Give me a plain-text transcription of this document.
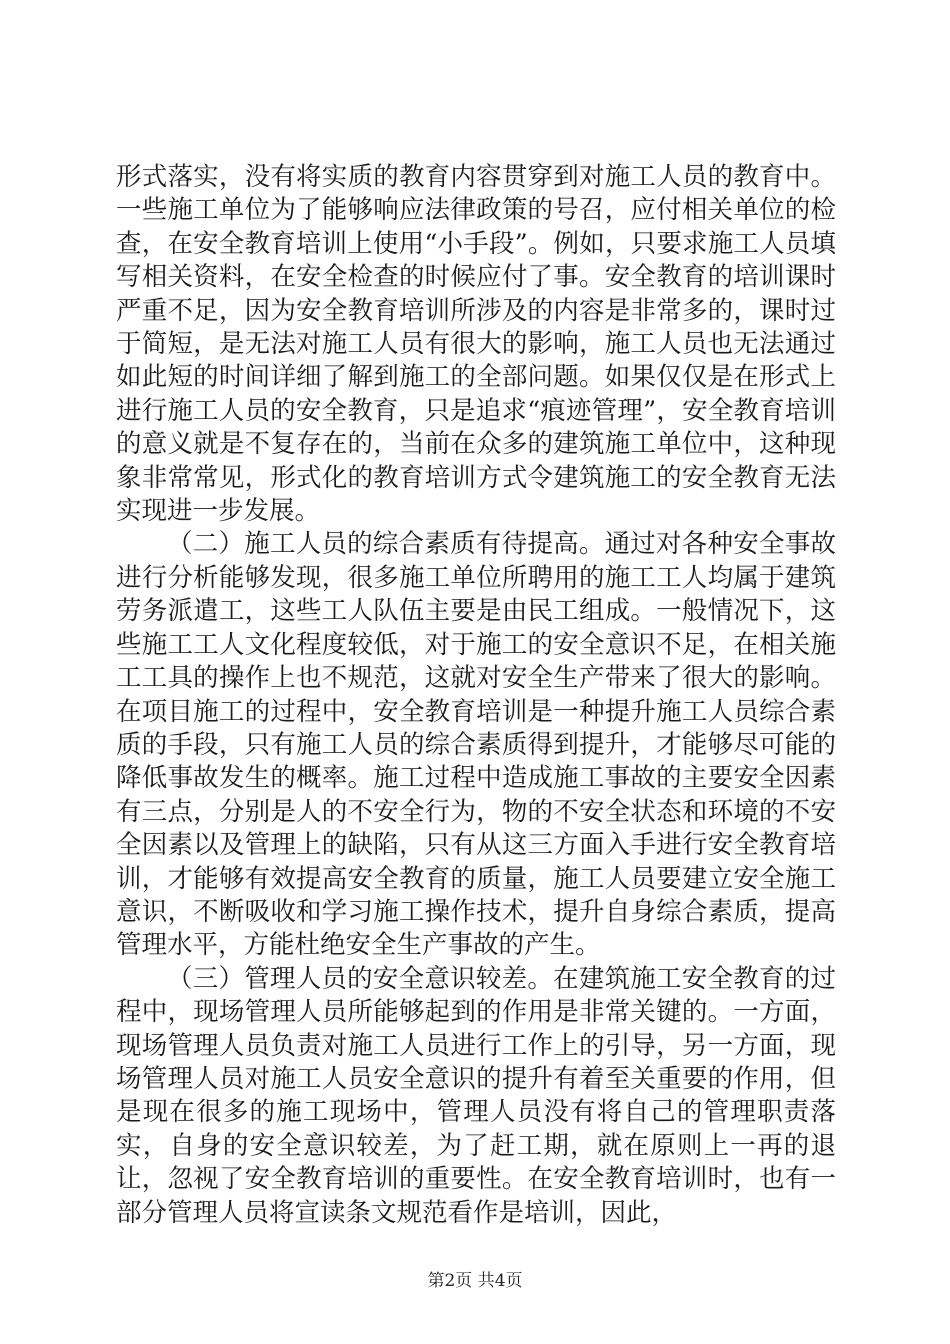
形式落实，没有将实质的教育内容贯穿到对施工人员的教育中。一些施工单位为了能够响应法律政策的号召，应付相关单位的检查，在安全教育培训上使用“小手段”。例如，只要求施工人员填写相关资料，在安全检查的时候应付了事。安全教育的培训课时严重不足，因为安全教育培训所涉及的内容是非常多的，课时过于简短，是无法对施工人员有很大的影响，施工人员也无法通过如此短的时间详细了解到施工的全部问题。如果仅仅是在形式上进行施工人员的安全教育，只是追求“痕迹管理”，安全教育培训的意义就是不复存在的，当前在众多的建筑施工单位中，这种现象非常常见，形式化的教育培训方式令建筑施工的安全教育无法实现进一步发展。

（二）施工人员的综合素质有待提高。通过对各种安全事故进行分析能够发现，很多施工单位所聘用的施工工人均属于建筑劳务派遣工，这些工人队伍主要是由民工组成。一般情况下，这些施工工人文化程度较低，对于施工的安全意识不足，在相关施工工具的操作上也不规范，这就对安全生产带来了很大的影响。在项目施工的过程中，安全教育培训是一种提升施工人员综合素质的手段，只有施工人员的综合素质得到提升，才能够尽可能的降低事故发生的概率。施工过程中造成施工事故的主要安全因素有三点，分别是人的不安全行为，物的不安全状态和环境的不安全因素以及管理上的缺陷，只有从这三方面入手进行安全教育培训，才能够有效提高安全教育的质量，施工人员要建立安全施工意识，不断吸收和学习施工操作技术，提升自身综合素质，提高管理水平，方能杜绝安全生产事故的产生。

（三）管理人员的安全意识较差。在建筑施工安全教育的过程中，现场管理人员所能够起到的作用是非常关键的。一方面，现场管理人员负责对施工人员进行工作上的引导，另一方面，现场管理人员对施工人员安全意识的提升有着至关重要的作用，但是现在很多的施工现场中，管理人员没有将自己的管理职责落实，自身的安全意识较差，为了赶工期，就在原则上一再的退让，忽视了安全教育培训的重要性。在安全教育培训时，也有一部分管理人员将宣读条文规范看作是培训，因此，

第2页 共4页
